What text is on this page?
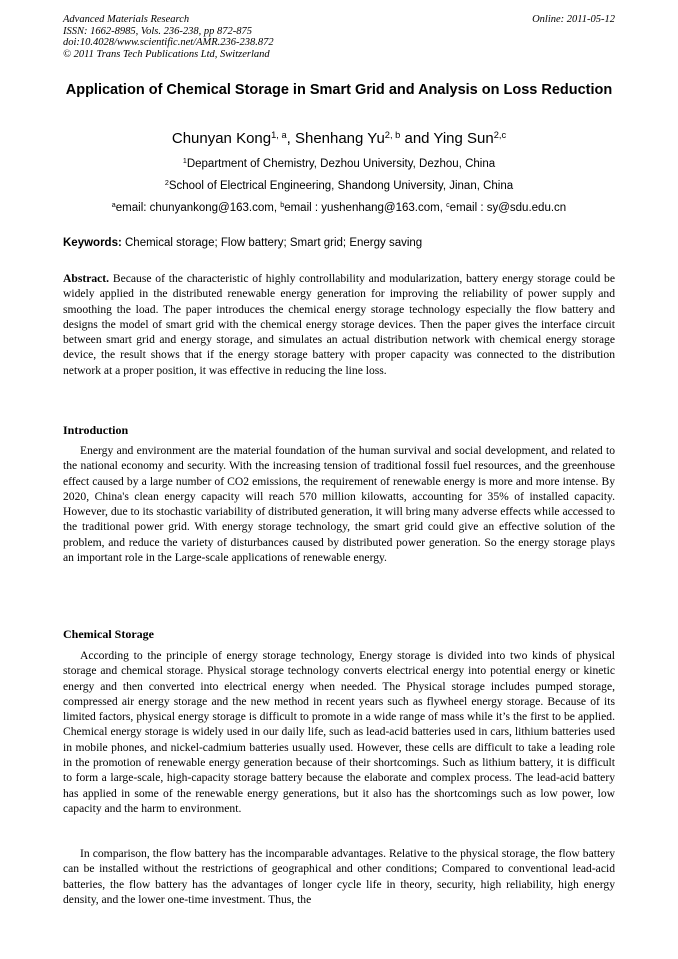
Advanced Materials Research
ISSN: 1662-8985, Vols. 236-238, pp 872-875
doi:10.4028/www.scientific.net/AMR.236-238.872
© 2011 Trans Tech Publications Ltd, Switzerland
Online: 2011-05-12
Application of Chemical Storage in Smart Grid and Analysis on Loss Reduction
Chunyan Kong$^{1, a}$, Shenhang Yu$^{2, b}$ and Ying Sun$^{2,c}$
$^1$Department of Chemistry, Dezhou University, Dezhou, China
$^2$School of Electrical Engineering, Shandong University, Jinan, China
$^a$email: chunyankong@163.com, $^b$email : yushenhang@163.com, $^c$email : sy@sdu.edu.cn
Keywords: Chemical storage; Flow battery; Smart grid; Energy saving
Abstract. Because of the characteristic of highly controllability and modularization, battery energy storage could be widely applied in the distributed renewable energy generation for improving the reliability of power supply and smoothing the load. The paper introduces the chemical energy storage technology especially the flow battery and designs the model of smart grid with the chemical energy storage devices. Then the paper gives the interface circuit between smart grid and energy storage, and simulates an actual distribution network with chemical energy storage device, the result shows that if the energy storage battery with proper capacity was connected to the distribution network at a proper position, it was effective in reducing the line loss.
Introduction
Energy and environment are the material foundation of the human survival and social development, and related to the national economy and security. With the increasing tension of traditional fossil fuel resources, and the greenhouse effect caused by a large number of CO2 emissions, the requirement of renewable energy is more and more intense. By 2020, China's clean energy capacity will reach 570 million kilowatts, accounting for 35% of installed capacity. However, due to its stochastic variability of distributed generation, it will bring many adverse effects while accessed to the traditional power grid. With energy storage technology, the smart grid could give an effective solution of the problem, and reduce the variety of disturbances caused by distributed power generation. So the energy storage plays an important role in the Large-scale applications of renewable energy.
Chemical Storage
According to the principle of energy storage technology, Energy storage is divided into two kinds of physical storage and chemical storage. Physical storage technology converts electrical energy into potential energy or kinetic energy and then converted into electrical energy when needed. The Physical storage includes pumped storage, compressed air energy storage and the new method in recent years such as flywheel energy storage. Because of its limited factors, physical energy storage is difficult to promote in a wide range of mass while it’s the first to be applied. Chemical energy storage is widely used in our daily life, such as lead-acid batteries used in cars, lithium batteries used in mobile phones, and nickel-cadmium batteries usually used. However, these cells are difficult to take a leading role in the promotion of renewable energy generation because of their shortcomings. Such as lithium battery, it is difficult to form a large-scale, high-capacity storage battery because the elaborate and complex process. The lead-acid battery has applied in some of the renewable energy generations, but it also has the shortcomings such as low power, low capacity and the harm to environment.
In comparison, the flow battery has the incomparable advantages. Relative to the physical storage, the flow battery can be installed without the restrictions of geographical and other conditions; Compared to conventional lead-acid batteries, the flow battery has the advantages of longer cycle life in theory, security, high reliability, high energy density, and the lower one-time investment. Thus, the
